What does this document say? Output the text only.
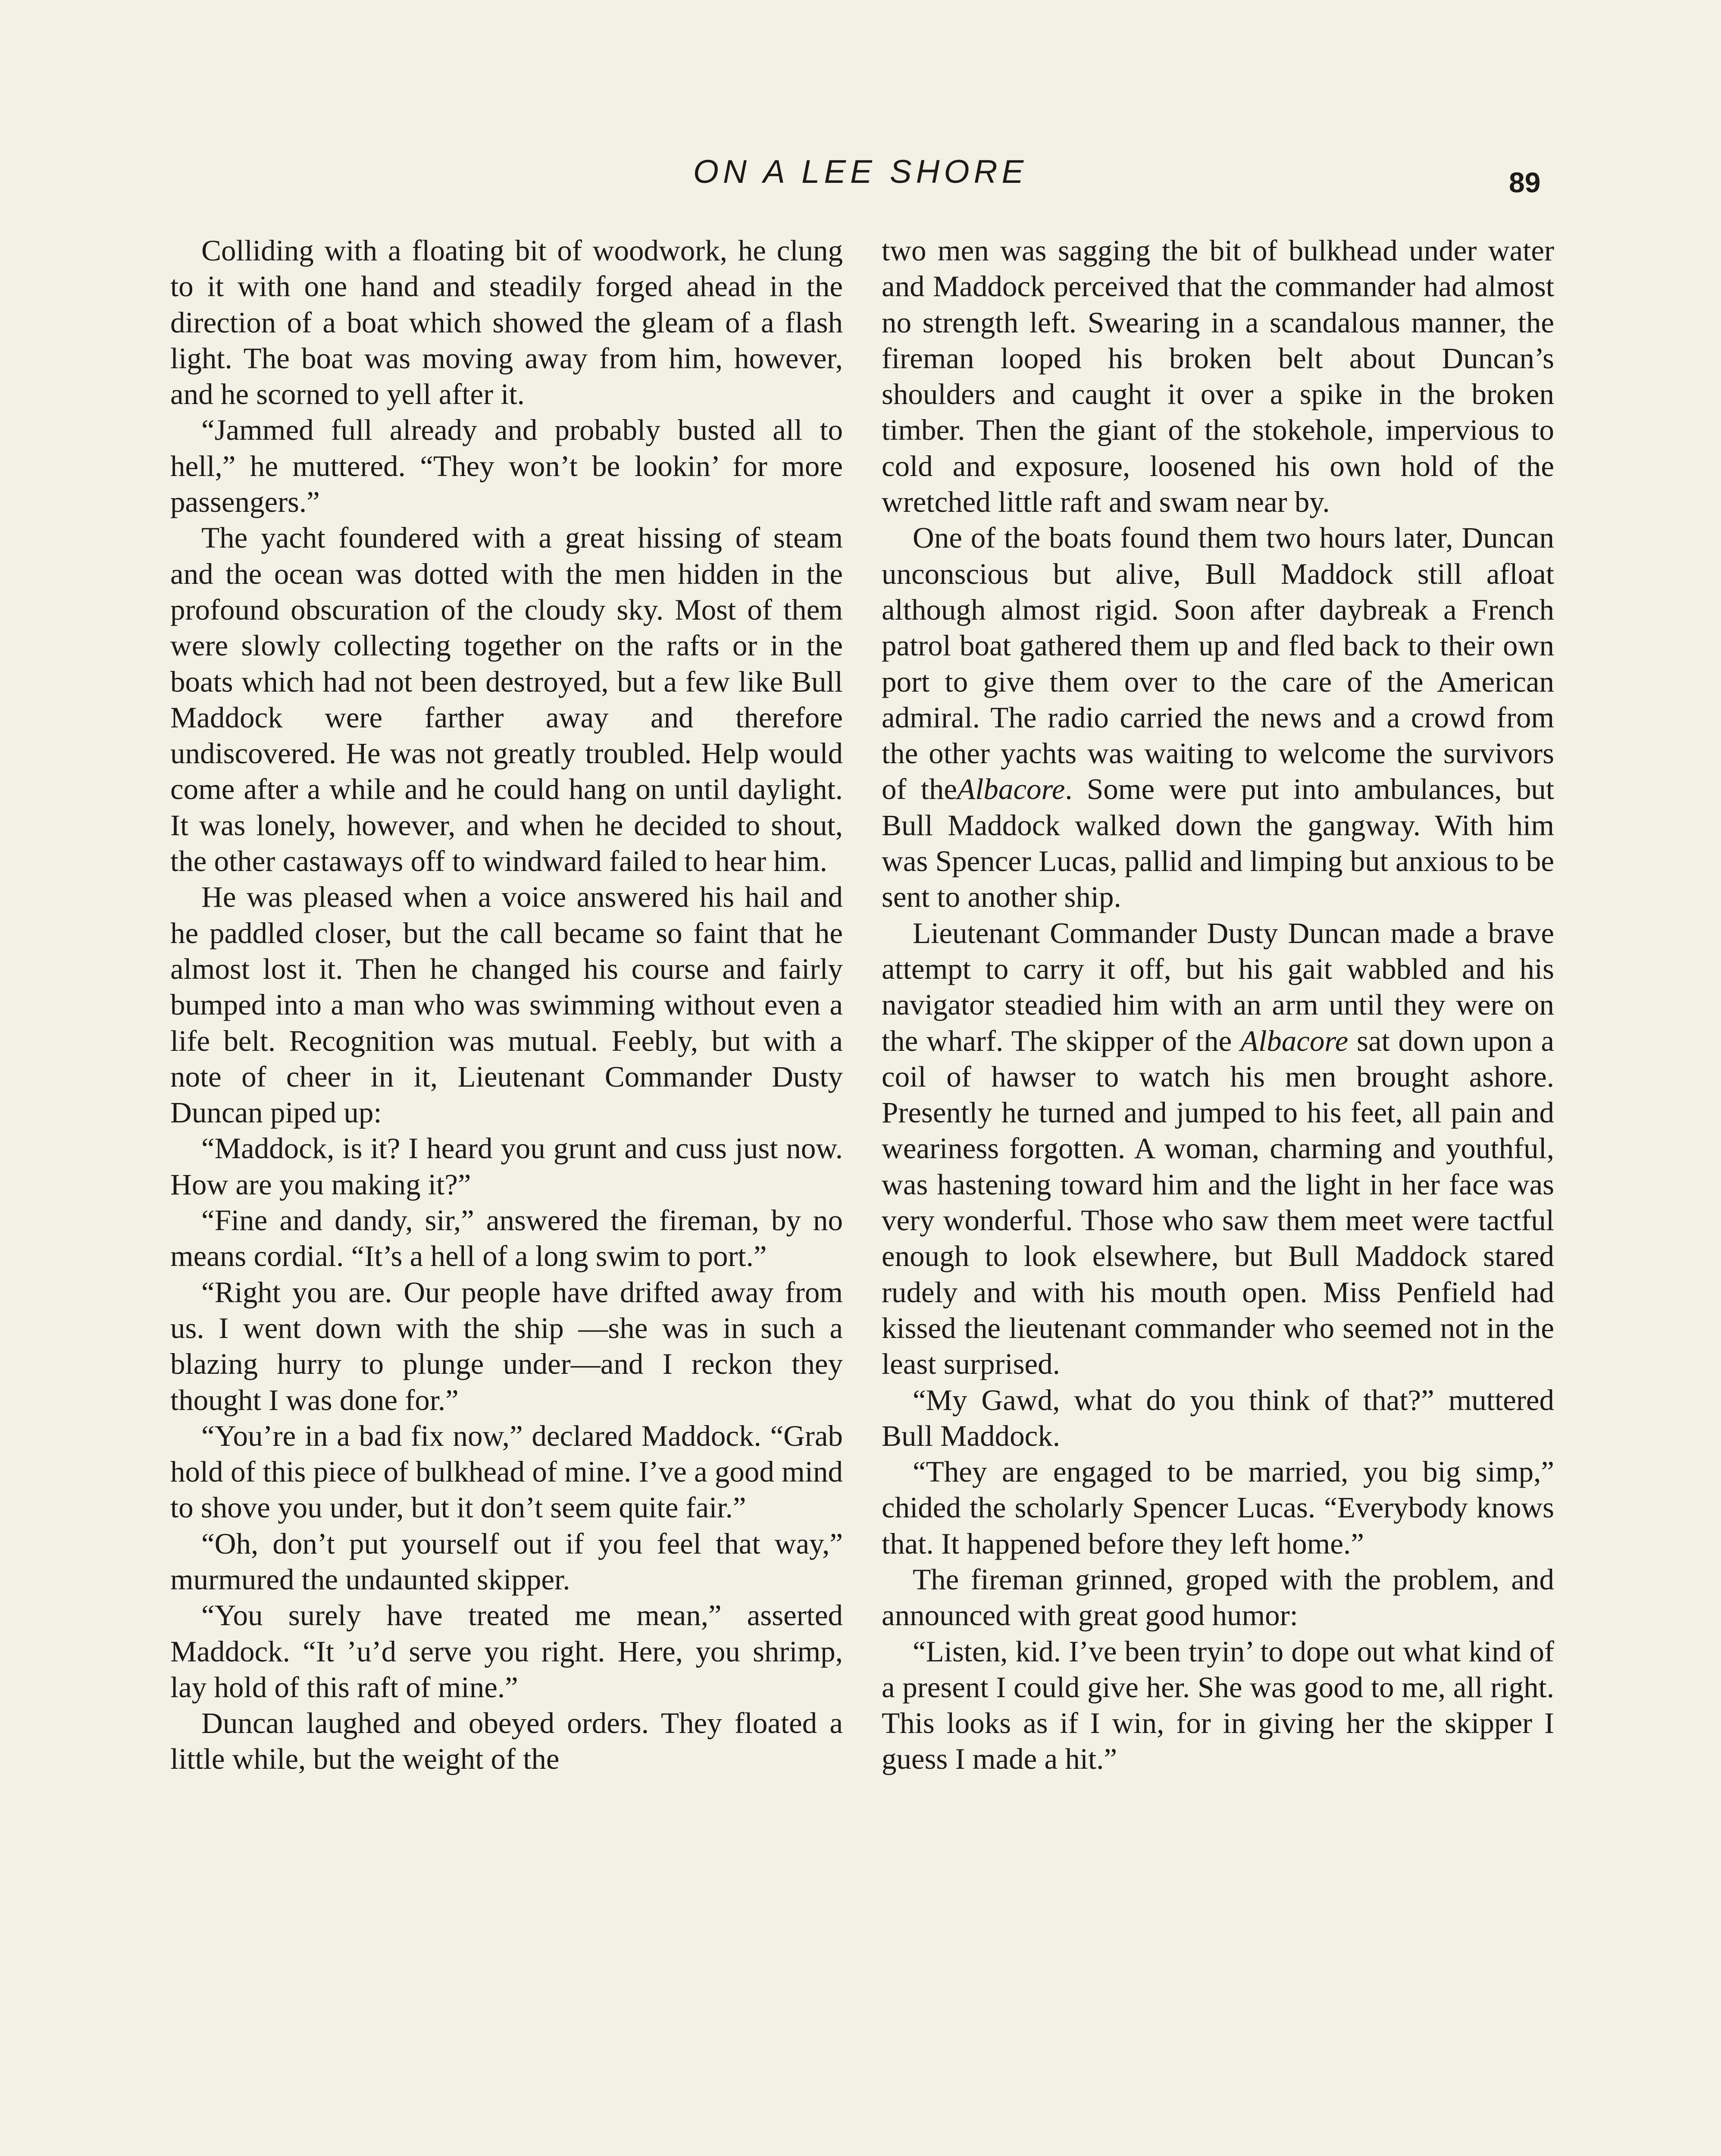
ON A LEE SHORE	89

Colliding with a floating bit of woodwork, he clung to it with one hand and steadily forged ahead in the direction of a boat which showed the gleam of a flash light. The boat was moving away from him, however, and he scorned to yell after it.

“Jammed full already and probably busted all to hell,” he muttered. “They won’t be lookin’ for more passengers.”

The yacht foundered with a great hissing of steam and the ocean was dotted with the men hidden in the profound obscuration of the cloudy sky. Most of them were slowly collecting together on the rafts or in the boats which had not been destroyed, but a few like Bull Maddock were farther away and therefore undiscovered. He was not greatly troubled. Help would come after a while and he could hang on until daylight. It was lonely, however, and when he decided to shout, the other castaways off to windward failed to hear him.

He was pleased when a voice answered his hail and he paddled closer, but the call became so faint that he almost lost it. Then he changed his course and fairly bumped into a man who was swimming without even a life belt. Recognition was mutual. Feebly, but with a note of cheer in it, Lieutenant Commander Dusty Duncan piped up:

“Maddock, is it? I heard you grunt and cuss just now. How are you making it?”

“Fine and dandy, sir,” answered the fireman, by no means cordial. “It’s a hell of a long swim to port.”

“Right you are. Our people have drifted away from us. I went down with the ship —she was in such a blazing hurry to plunge under—and I reckon they thought I was done for.”

“You’re in a bad fix now,” declared Maddock. “Grab hold of this piece of bulkhead of mine. I’ve a good mind to shove you under, but it don’t seem quite fair.”

“Oh, don’t put yourself out if you feel that way,” murmured the undaunted skipper.

“You surely have treated me mean,” asserted Maddock. “It ’u’d serve you right. Here, you shrimp, lay hold of this raft of mine.”

Duncan laughed and obeyed orders. They floated a little while, but the weight of the

two men was sagging the bit of bulkhead under water and Maddock perceived that the commander had almost no strength left. Swearing in a scandalous manner, the fireman looped his broken belt about Duncan’s shoulders and caught it over a spike in the broken timber. Then the giant of the stokehole, impervious to cold and exposure, loosened his own hold of the wretched little raft and swam near by.

One of the boats found them two hours later, Duncan unconscious but alive, Bull Maddock still afloat although almost rigid. Soon after daybreak a French patrol boat gathered them up and fled back to their own port to give them over to the care of the American admiral. The radio carried the news and a crowd from the other yachts was waiting to welcome the survivors of theAlbacore. Some were put into ambulances, but Bull Maddock walked down the gangway. With him was Spencer Lucas, pallid and limping but anxious to be sent to another ship.

Lieutenant Commander Dusty Duncan made a brave attempt to carry it off, but his gait wabbled and his navigator steadied him with an arm until they were on the wharf. The skipper of the Albacore sat down upon a coil of hawser to watch his men brought ashore. Presently he turned and jumped to his feet, all pain and weariness forgotten. A woman, charming and youthful, was hastening toward him and the light in her face was very wonderful. Those who saw them meet were tactful enough to look elsewhere, but Bull Maddock stared rudely and with his mouth open. Miss Penfield had kissed the lieutenant commander who seemed not in the least surprised.

“My Gawd, what do you think of that?” muttered Bull Maddock.

“They are engaged to be married, you big simp,” chided the scholarly Spencer Lucas. “Everybody knows that. It happened before they left home.”

The fireman grinned, groped with the problem, and announced with great good humor:

“Listen, kid. I’ve been tryin’ to dope out what kind of a present I could give her. She was good to me, all right. This looks as if I win, for in giving her the skipper I guess I made a hit.”
